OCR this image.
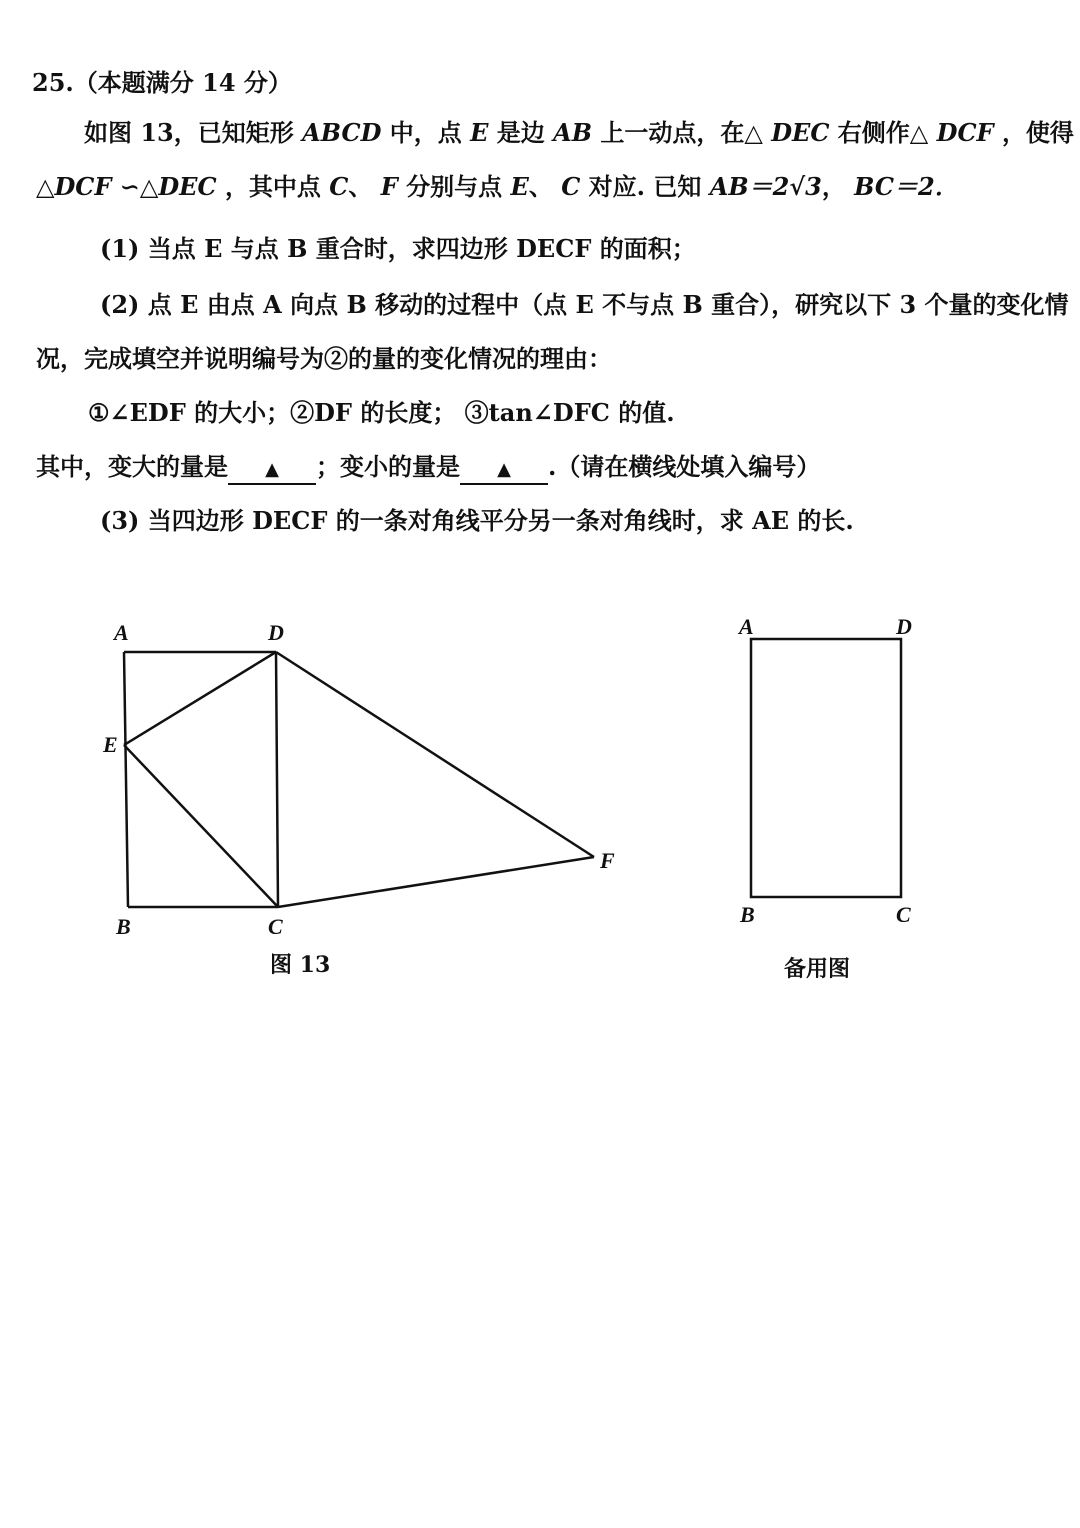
25.（本题满分 14 分）
如图 13，已知矩形 ABCD 中，点 E 是边 AB 上一动点，在△ DEC 右侧作△ DCF ，使得
△DCF ∽△DEC ，其中点 C、 F 分别与点 E、 C 对应. 已知 AB＝2√3， BC＝2．
(1) 当点 E 与点 B 重合时，求四边形 DECF 的面积；
(2) 点 E 由点 A 向点 B 移动的过程中（点 E 不与点 B 重合），研究以下 3 个量的变化情
况，完成填空并说明编号为②的量的变化情况的理由：
①∠EDF 的大小；②DF 的长度； ③tan∠DFC 的值.
其中，变大的量是 ▲ ；变小的量是 ▲ .（请在横线处填入编号）
(3) 当四边形 DECF 的一条对角线平分另一条对角线时，求 AE 的长.
A	D
E
B	C
F
A	D
B	C
图 13	备用图
